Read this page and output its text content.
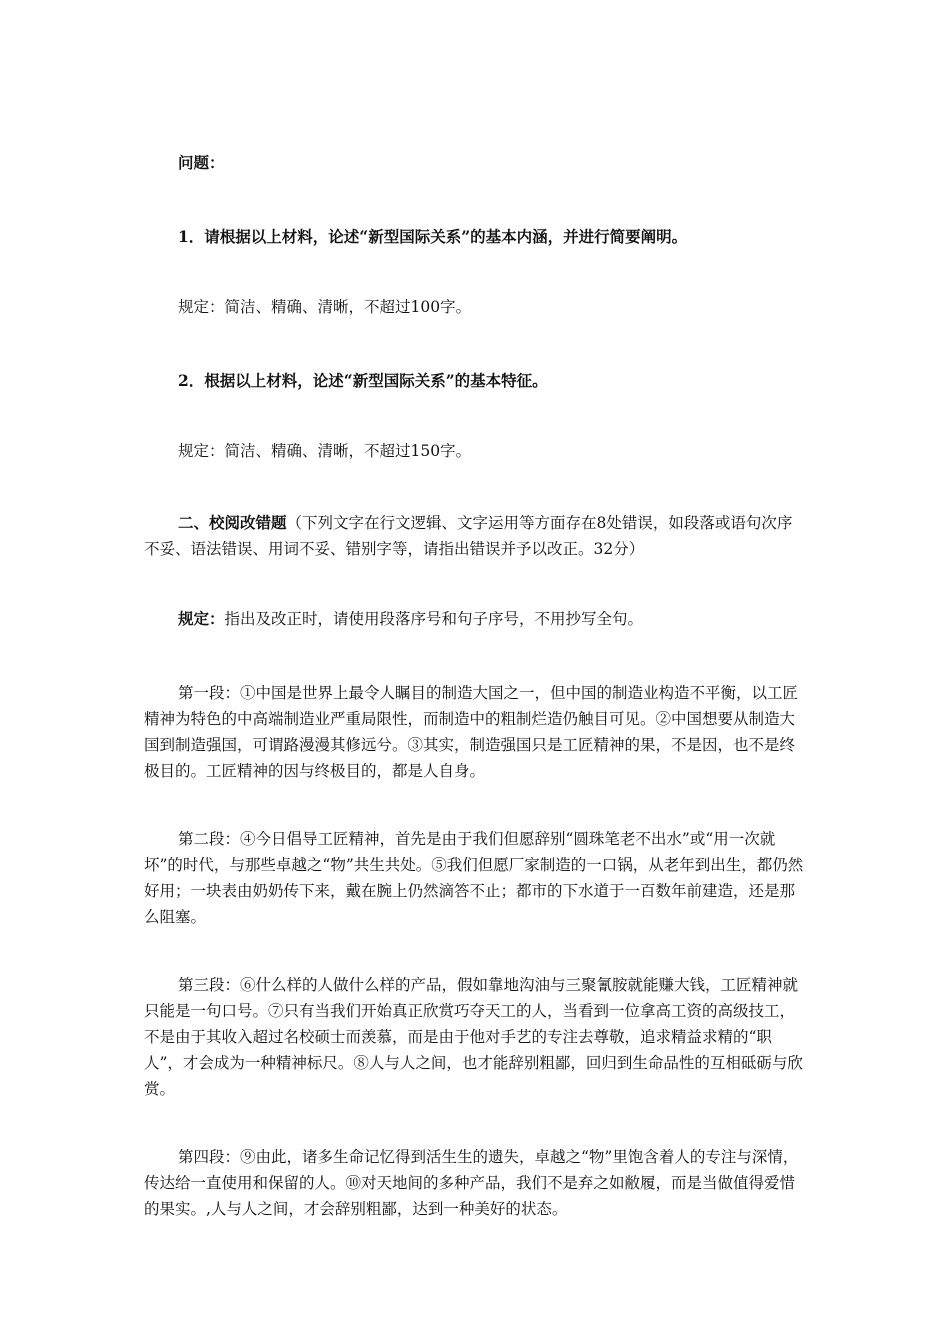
问题：

1．请根据以上材料，论述“新型国际关系”的基本内涵，并进行简要阐明。

规定：简洁、精确、清晰，不超过100字。

2．根据以上材料，论述“新型国际关系”的基本特征。

规定：简洁、精确、清晰，不超过150字。

二、校阅改错题（下列文字在行文逻辑、文字运用等方面存在8处错误，如段落或语句次序不妥、语法错误、用词不妥、错别字等，请指出错误并予以改正。32分）

规定：指出及改正时，请使用段落序号和句子序号，不用抄写全句。

第一段：①中国是世界上最令人瞩目的制造大国之一，但中国的制造业构造不平衡，以工匠精神为特色的中高端制造业严重局限性，而制造中的粗制烂造仍触目可见。②中国想要从制造大国到制造强国，可谓路漫漫其修远兮。③其实，制造强国只是工匠精神的果，不是因，也不是终极目的。工匠精神的因与终极目的，都是人自身。

第二段：④今日倡导工匠精神，首先是由于我们但愿辞别“圆珠笔老不出水”或“用一次就坏”的时代，与那些卓越之“物”共生共处。⑤我们但愿厂家制造的一口锅，从老年到出生，都仍然好用；一块表由奶奶传下来，戴在腕上仍然滴答不止；都市的下水道于一百数年前建造，还是那么阻塞。

第三段：⑥什么样的人做什么样的产品，假如靠地沟油与三聚氰胺就能赚大钱，工匠精神就只能是一句口号。⑦只有当我们开始真正欣赏巧夺天工的人，当看到一位拿高工资的高级技工，不是由于其收入超过名校硕士而羡慕，而是由于他对手艺的专注去尊敬，追求精益求精的“职人”，才会成为一种精神标尺。⑧人与人之间，也才能辞别粗鄙，回归到生命品性的互相砥砺与欣赏。

第四段：⑨由此，诸多生命记忆得到活生生的遗失，卓越之“物”里饱含着人的专注与深情，传达给一直使用和保留的人。⑩对天地间的多种产品，我们不是弃之如敝履，而是当做值得爱惜的果实。,人与人之间，才会辞别粗鄙，达到一种美好的状态。
